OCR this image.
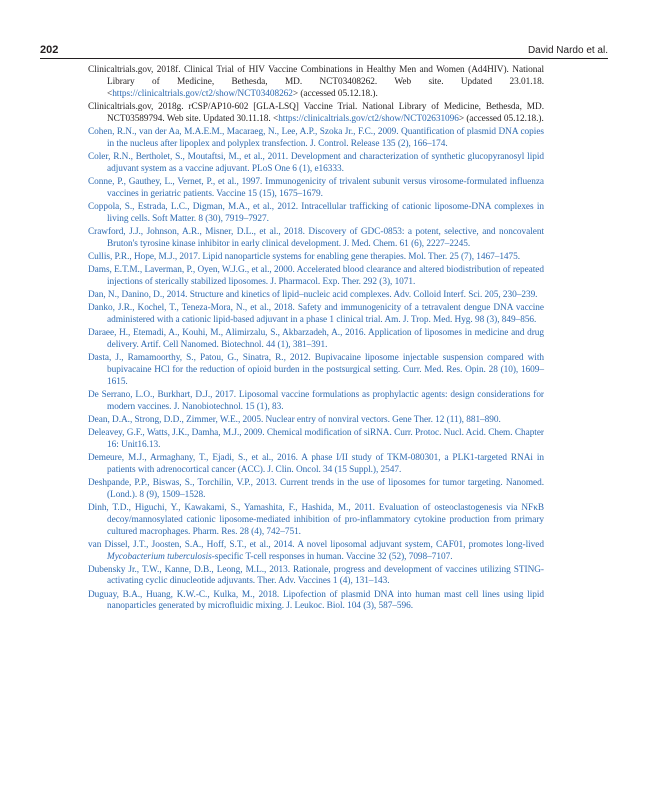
202	David Nardo et al.
Clinicaltrials.gov, 2018f. Clinical Trial of HIV Vaccine Combinations in Healthy Men and Women (Ad4HIV). National Library of Medicine, Bethesda, MD. NCT03408262. Web site. Updated 23.01.18. <https://clinicaltrials.gov/ct2/show/NCT03408262> (accessed 05.12.18.).
Clinicaltrials.gov, 2018g. rCSP/AP10-602 [GLA-LSQ] Vaccine Trial. National Library of Medicine, Bethesda, MD. NCT03589794. Web site. Updated 30.11.18. <https://clinicaltrials.gov/ct2/show/NCT02631096> (accessed 05.12.18.).
Cohen, R.N., van der Aa, M.A.E.M., Macaraeg, N., Lee, A.P., Szoka Jr., F.C., 2009. Quantification of plasmid DNA copies in the nucleus after lipoplex and polyplex transfection. J. Control. Release 135 (2), 166–174.
Coler, R.N., Bertholet, S., Moutaftsi, M., et al., 2011. Development and characterization of synthetic glucopyranosyl lipid adjuvant system as a vaccine adjuvant. PLoS One 6 (1), e16333.
Conne, P., Gauthey, L., Vernet, P., et al., 1997. Immunogenicity of trivalent subunit versus virosome-formulated influenza vaccines in geriatric patients. Vaccine 15 (15), 1675–1679.
Coppola, S., Estrada, L.C., Digman, M.A., et al., 2012. Intracellular trafficking of cationic liposome-DNA complexes in living cells. Soft Matter. 8 (30), 7919–7927.
Crawford, J.J., Johnson, A.R., Misner, D.L., et al., 2018. Discovery of GDC-0853: a potent, selective, and noncovalent Bruton's tyrosine kinase inhibitor in early clinical development. J. Med. Chem. 61 (6), 2227–2245.
Cullis, P.R., Hope, M.J., 2017. Lipid nanoparticle systems for enabling gene therapies. Mol. Ther. 25 (7), 1467–1475.
Dams, E.T.M., Laverman, P., Oyen, W.J.G., et al., 2000. Accelerated blood clearance and altered biodistribution of repeated injections of sterically stabilized liposomes. J. Pharmacol. Exp. Ther. 292 (3), 1071.
Dan, N., Danino, D., 2014. Structure and kinetics of lipid–nucleic acid complexes. Adv. Colloid Interf. Sci. 205, 230–239.
Danko, J.R., Kochel, T., Teneza-Mora, N., et al., 2018. Safety and immunogenicity of a tetravalent dengue DNA vaccine administered with a cationic lipid-based adjuvant in a phase 1 clinical trial. Am. J. Trop. Med. Hyg. 98 (3), 849–856.
Daraee, H., Etemadi, A., Kouhi, M., Alimirzalu, S., Akbarzadeh, A., 2016. Application of liposomes in medicine and drug delivery. Artif. Cell Nanomed. Biotechnol. 44 (1), 381–391.
Dasta, J., Ramamoorthy, S., Patou, G., Sinatra, R., 2012. Bupivacaine liposome injectable suspension compared with bupivacaine HCl for the reduction of opioid burden in the postsurgical setting. Curr. Med. Res. Opin. 28 (10), 1609–1615.
De Serrano, L.O., Burkhart, D.J., 2017. Liposomal vaccine formulations as prophylactic agents: design considerations for modern vaccines. J. Nanobiotechnol. 15 (1), 83.
Dean, D.A., Strong, D.D., Zimmer, W.E., 2005. Nuclear entry of nonviral vectors. Gene Ther. 12 (11), 881–890.
Deleavey, G.F., Watts, J.K., Damha, M.J., 2009. Chemical modification of siRNA. Curr. Protoc. Nucl. Acid. Chem. Chapter 16: Unit16.13.
Demeure, M.J., Armaghany, T., Ejadi, S., et al., 2016. A phase I/II study of TKM-080301, a PLK1-targeted RNAi in patients with adrenocortical cancer (ACC). J. Clin. Oncol. 34 (15 Suppl.), 2547.
Deshpande, P.P., Biswas, S., Torchilin, V.P., 2013. Current trends in the use of liposomes for tumor targeting. Nanomed. (Lond.). 8 (9), 1509–1528.
Dinh, T.D., Higuchi, Y., Kawakami, S., Yamashita, F., Hashida, M., 2011. Evaluation of osteoclastogenesis via NFκB decoy/mannosylated cationic liposome-mediated inhibition of pro-inflammatory cytokine production from primary cultured macrophages. Pharm. Res. 28 (4), 742–751.
van Dissel, J.T., Joosten, S.A., Hoff, S.T., et al., 2014. A novel liposomal adjuvant system, CAF01, promotes long-lived Mycobacterium tuberculosis-specific T-cell responses in human. Vaccine 32 (52), 7098–7107.
Dubensky Jr., T.W., Kanne, D.B., Leong, M.L., 2013. Rationale, progress and development of vaccines utilizing STING-activating cyclic dinucleotide adjuvants. Ther. Adv. Vaccines 1 (4), 131–143.
Duguay, B.A., Huang, K.W.-C., Kulka, M., 2018. Lipofection of plasmid DNA into human mast cell lines using lipid nanoparticles generated by microfluidic mixing. J. Leukoc. Biol. 104 (3), 587–596.
